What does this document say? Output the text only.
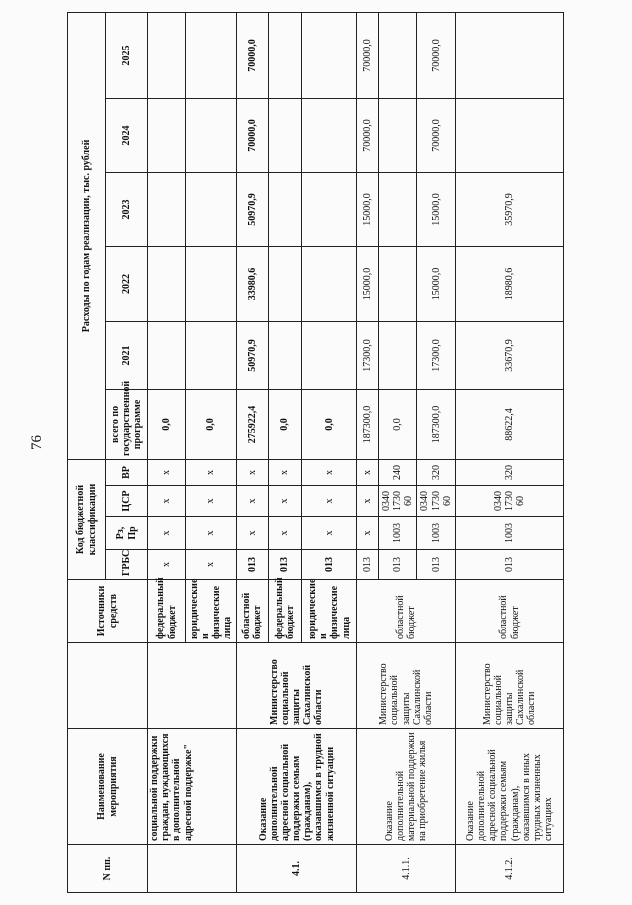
76
N пп.	Наименование мероприятия		Источники средств	Код бюджетной классификации				Расходы по годам реализации, тыс. рублей					
				ГРБС	Рз, Пр	ЦСР	ВР	всего по государственной программе	2021	2022	2023	2024	2025
	социальной поддержки граждан, нуждающихся в дополнительной адресной поддержке"		федеральный бюджет	х	х	х	х	0,0					
			юридические и физические лица	х	х	х	х	0,0					
4.1.	Оказание дополнительной адресной социальной поддержки семьям (гражданам), оказавшимся в трудной жизненной ситуации	Министерство социальной защиты Сахалинской области	областной бюджет	013	х	х	х	275922,4	50970,9	33980,6	50970,9	70000,0	70000,0
			федеральный бюджет	013	х	х	х	0,0					
			юридические и физические лица	013	х	х	х	0,0					
4.1.1.	Оказание дополнительной материальной поддержки на приобретение жилья	Министерство социальной защиты Сахалинской области	областной бюджет	013	х	х	х	187300,0	17300,0	15000,0	15000,0	70000,0	70000,0
				013	1003	0340 1730 60	240	0,0					
				013	1003	0340 1730 60	320	187300,0	17300,0	15000,0	15000,0	70000,0	70000,0
4.1.2.	Оказание дополнительной адресной социальной поддержки семьям (гражданам), оказавшимся в иных трудных жизненных ситуациях	Министерство социальной защиты Сахалинской области	областной бюджет	013	1003	0340 1730 60	320	88622,4	33670,9	18980,6	35970,9		
